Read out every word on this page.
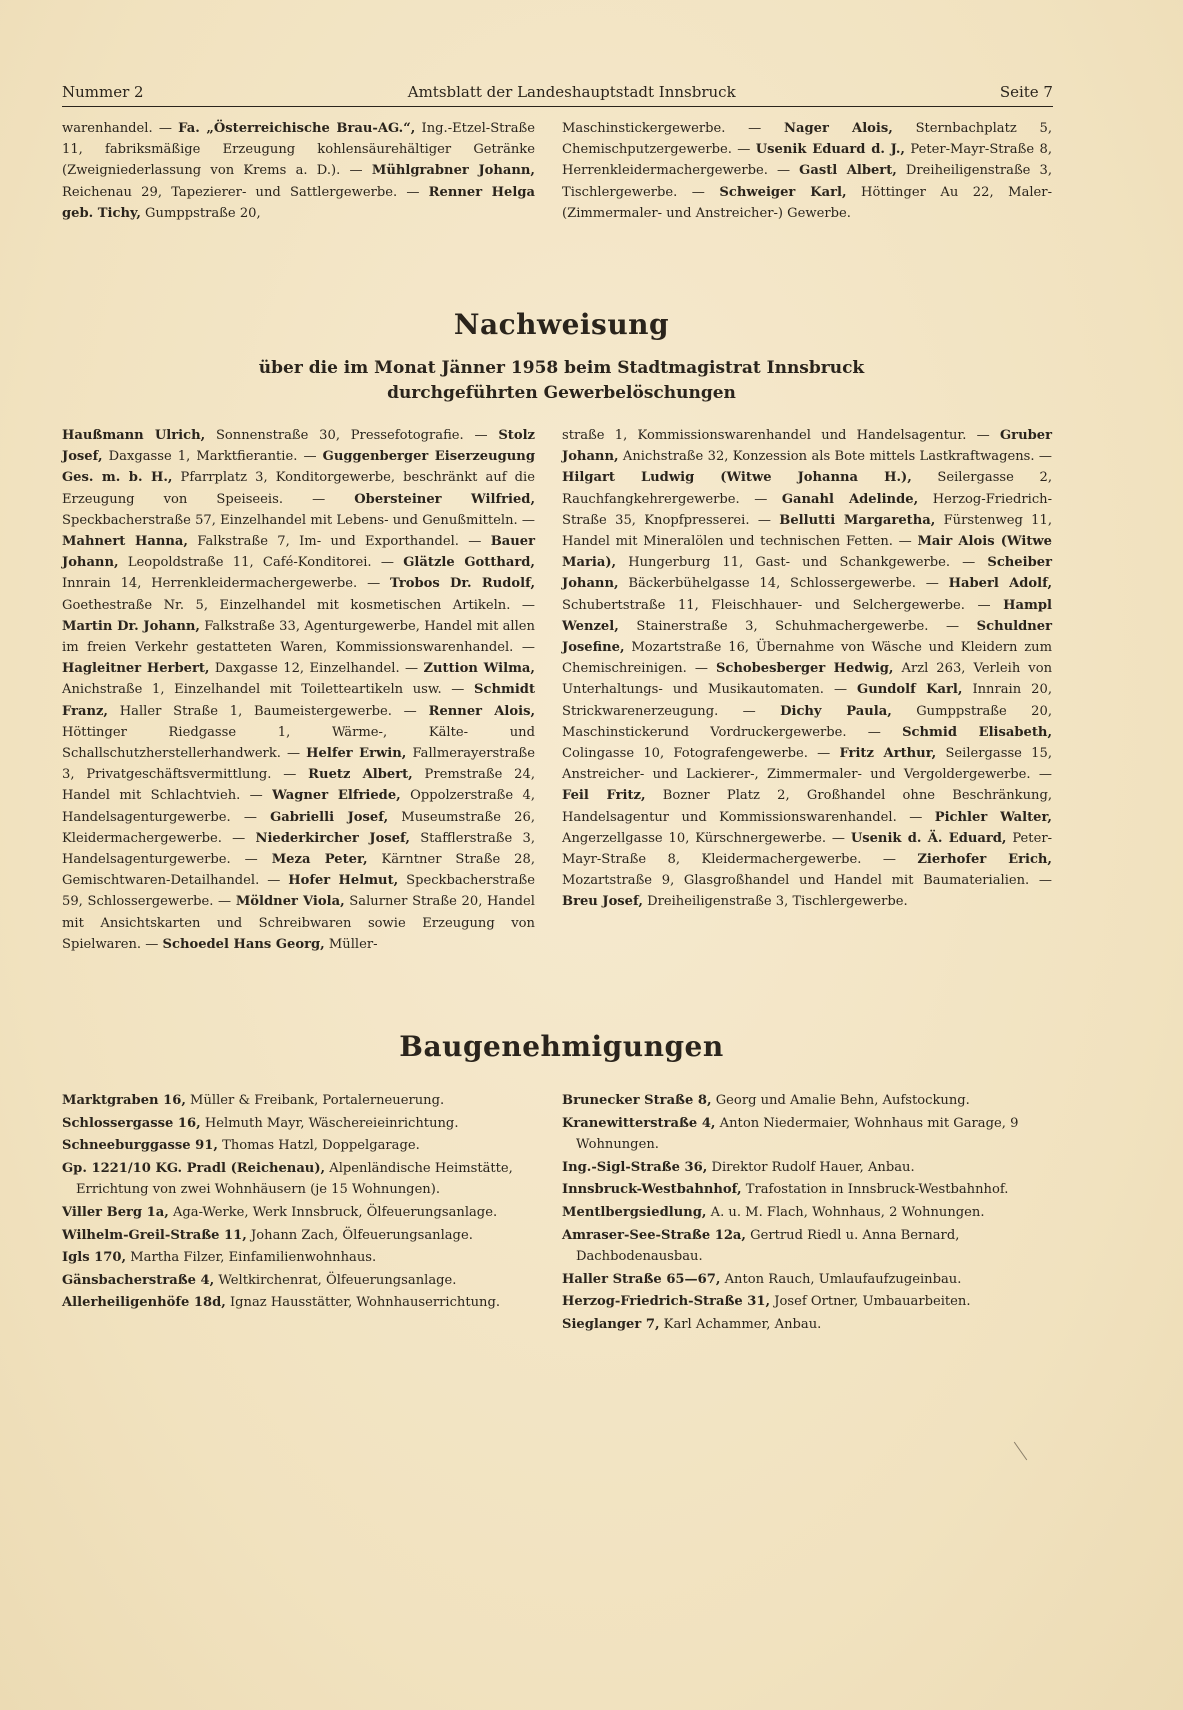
Nummer 2	Amtsblatt der Landeshauptstadt Innsbruck	Seite 7

warenhandel. — Fa. „Österreichische Brau-AG.“, Ing.-Etzel-Straße 11, fabriksmäßige Erzeugung kohlensäurehältiger Getränke (Zweigniederlassung von Krems a. D.). — Mühlgrabner Johann, Reichenau 29, Tapezierer- und Sattlergewerbe. — Renner Helga geb. Tichy, Gumppstraße 20,

Maschinstickergewerbe. — Nager Alois, Sternbachplatz 5, Chemischputzergewerbe. — Usenik Eduard d. J., Peter-Mayr-Straße 8, Herrenkleidermachergewerbe. — Gastl Albert, Dreiheiligenstraße 3, Tischlergewerbe. — Schweiger Karl, Höttinger Au 22, Maler- (Zimmermaler- und Anstreicher-) Gewerbe.

Nachweisung
über die im Monat Jänner 1958 beim Stadtmagistrat Innsbruck
durchgeführten Gewerbelöschungen

Haußmann Ulrich, Sonnenstraße 30, Pressefotografie. — Stolz Josef, Daxgasse 1, Marktfierantie. — Guggenberger Eiserzeugung Ges. m. b. H., Pfarrplatz 3, Konditorgewerbe, beschränkt auf die Erzeugung von Speiseeis. — Obersteiner Wilfried, Speckbacherstraße 57, Einzelhandel mit Lebens- und Genußmitteln. — Mahnert Hanna, Falkstraße 7, Im- und Exporthandel. — Bauer Johann, Leopoldstraße 11, Café-Konditorei. — Glätzle Gotthard, Innrain 14, Herrenkleidermachergewerbe. — Trobos Dr. Rudolf, Goethestraße Nr. 5, Einzelhandel mit kosmetischen Artikeln. — Martin Dr. Johann, Falkstraße 33, Agenturgewerbe, Handel mit allen im freien Verkehr gestatteten Waren, Kommissionswarenhandel. — Hagleitner Herbert, Daxgasse 12, Einzelhandel. — Zuttion Wilma, Anichstraße 1, Einzelhandel mit Toiletteartikeln usw. — Schmidt Franz, Haller Straße 1, Baumeistergewerbe. — Renner Alois, Höttinger Riedgasse 1, Wärme-, Kälte- und Schallschutzherstellerhandwerk. — Helfer Erwin, Fallmerayerstraße 3, Privatgeschäftsvermittlung. — Ruetz Albert, Premstraße 24, Handel mit Schlachtvieh. — Wagner Elfriede, Oppolzerstraße 4, Handelsagenturgewerbe. — Gabrielli Josef, Museumstraße 26, Kleidermachergewerbe. — Niederkircher Josef, Stafflerstraße 3, Handelsagenturgewerbe. — Meza Peter, Kärntner Straße 28, Gemischtwaren-Detailhandel. — Hofer Helmut, Speckbacherstraße 59, Schlossergewerbe. — Möldner Viola, Salurner Straße 20, Handel mit Ansichtskarten und Schreibwaren sowie Erzeugung von Spielwaren. — Schoedel Hans Georg, Müller-

straße 1, Kommissionswarenhandel und Handelsagentur. — Gruber Johann, Anichstraße 32, Konzession als Bote mittels Lastkraftwagens. — Hilgart Ludwig (Witwe Johanna H.), Seilergasse 2, Rauchfangkehrergewerbe. — Ganahl Adelinde, Herzog-Friedrich-Straße 35, Knopfpresserei. — Bellutti Margaretha, Fürstenweg 11, Handel mit Mineralölen und technischen Fetten. — Mair Alois (Witwe Maria), Hungerburg 11, Gast- und Schankgewerbe. — Scheiber Johann, Bäckerbühelgasse 14, Schlossergewerbe. — Haberl Adolf, Schubertstraße 11, Fleischhauer- und Selchergewerbe. — Hampl Wenzel, Stainerstraße 3, Schuhmachergewerbe. — Schuldner Josefine, Mozartstraße 16, Übernahme von Wäsche und Kleidern zum Chemischreinigen. — Schobesberger Hedwig, Arzl 263, Verleih von Unterhaltungs- und Musikautomaten. — Gundolf Karl, Innrain 20, Strickwarenerzeugung. — Dichy Paula, Gumppstraße 20, Maschinstickerund Vordruckergewerbe. — Schmid Elisabeth, Colingasse 10, Fotografengewerbe. — Fritz Arthur, Seilergasse 15, Anstreicher- und Lackierer-, Zimmermaler- und Vergoldergewerbe. — Feil Fritz, Bozner Platz 2, Großhandel ohne Beschränkung, Handelsagentur und Kommissionswarenhandel. — Pichler Walter, Angerzellgasse 10, Kürschnergewerbe. — Usenik d. Ä. Eduard, Peter-Mayr-Straße 8, Kleidermachergewerbe. — Zierhofer Erich, Mozartstraße 9, Glasgroßhandel und Handel mit Baumaterialien. — Breu Josef, Dreiheiligenstraße 3, Tischlergewerbe.

Baugenehmigungen

Marktgraben 16, Müller & Freibank, Portalerneuerung.

Schlossergasse 16, Helmuth Mayr, Wäschereieinrichtung.

Schneeburggasse 91, Thomas Hatzl, Doppelgarage.

Gp. 1221/10 KG. Pradl (Reichenau), Alpenländische Heimstätte, Errichtung von zwei Wohnhäusern (je 15 Wohnungen).

Viller Berg 1a, Aga-Werke, Werk Innsbruck, Ölfeuerungsanlage.

Wilhelm-Greil-Straße 11, Johann Zach, Ölfeuerungsanlage.

Igls 170, Martha Filzer, Einfamilienwohnhaus.

Gänsbacherstraße 4, Weltkirchenrat, Ölfeuerungsanlage.

Allerheiligenhöfe 18d, Ignaz Hausstätter, Wohnhauserrichtung.

Brunecker Straße 8, Georg und Amalie Behn, Aufstockung.

Kranewitterstraße 4, Anton Niedermaier, Wohnhaus mit Garage, 9 Wohnungen.

Ing.-Sigl-Straße 36, Direktor Rudolf Hauer, Anbau.

Innsbruck-Westbahnhof, Trafostation in Innsbruck-Westbahnhof.

Mentlbergsiedlung, A. u. M. Flach, Wohnhaus, 2 Wohnungen.

Amraser-See-Straße 12a, Gertrud Riedl u. Anna Bernard, Dachbodenausbau.

Haller Straße 65—67, Anton Rauch, Umlaufaufzugeinbau.

Herzog-Friedrich-Straße 31, Josef Ortner, Umbauarbeiten.

Sieglanger 7, Karl Achammer, Anbau.
